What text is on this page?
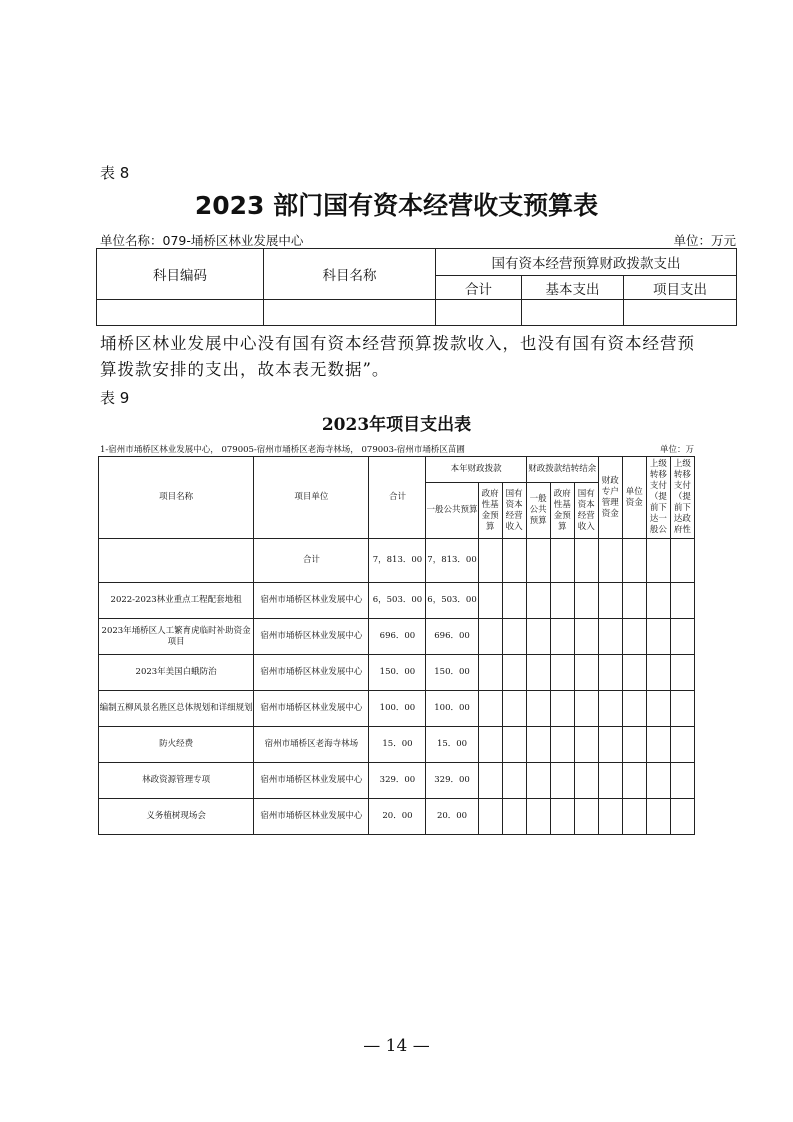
表 8
2023 部门国有资本经营收支预算表
单位名称：079-埇桥区林业发展中心	单位：万元
科目编码	科目名称	国有资本经营预算财政拨款支出		
		合计	基本支出	项目支出

埇桥区林业发展中心没有国有资本经营预算拨款收入，也没有国有资本经营预算拨款安排的支出，故本表无数据”。
表 9
2023年项目支出表
1-宿州市埇桥区林业发展中心， 079005-宿州市埇桥区老海寺林场， 079003-宿州市埇桥区苗圃	单位：万
项目名称	项目单位	合计	本年财政拨款			财政拨款结转结余			财政专户管理资金	单位资金	上级转移支付（提前下达一般公	上级转移支付（提前下达政府性
			一般公共预算	政府性基金预算	国有资本经营收入	一般公共预算	政府性基金预算	国有资本经营收入				
	合计	7，813．00	7，813．00									
2022-2023林业重点工程配套地租	宿州市埇桥区林业发展中心	6，503．00	6，503．00									
2023年埇桥区人工繁育虎临时补助资金项目	宿州市埇桥区林业发展中心	696．00	696．00									
2023年美国白蛾防治	宿州市埇桥区林业发展中心	150．00	150．00									
编制五柳风景名胜区总体规划和详细规划	宿州市埇桥区林业发展中心	100．00	100．00									
防火经费	宿州市埇桥区老海寺林场	15．00	15．00									
林政资源管理专项	宿州市埇桥区林业发展中心	329．00	329．00									
义务植树现场会	宿州市埇桥区林业发展中心	20．00	20．00									
— 14 —
